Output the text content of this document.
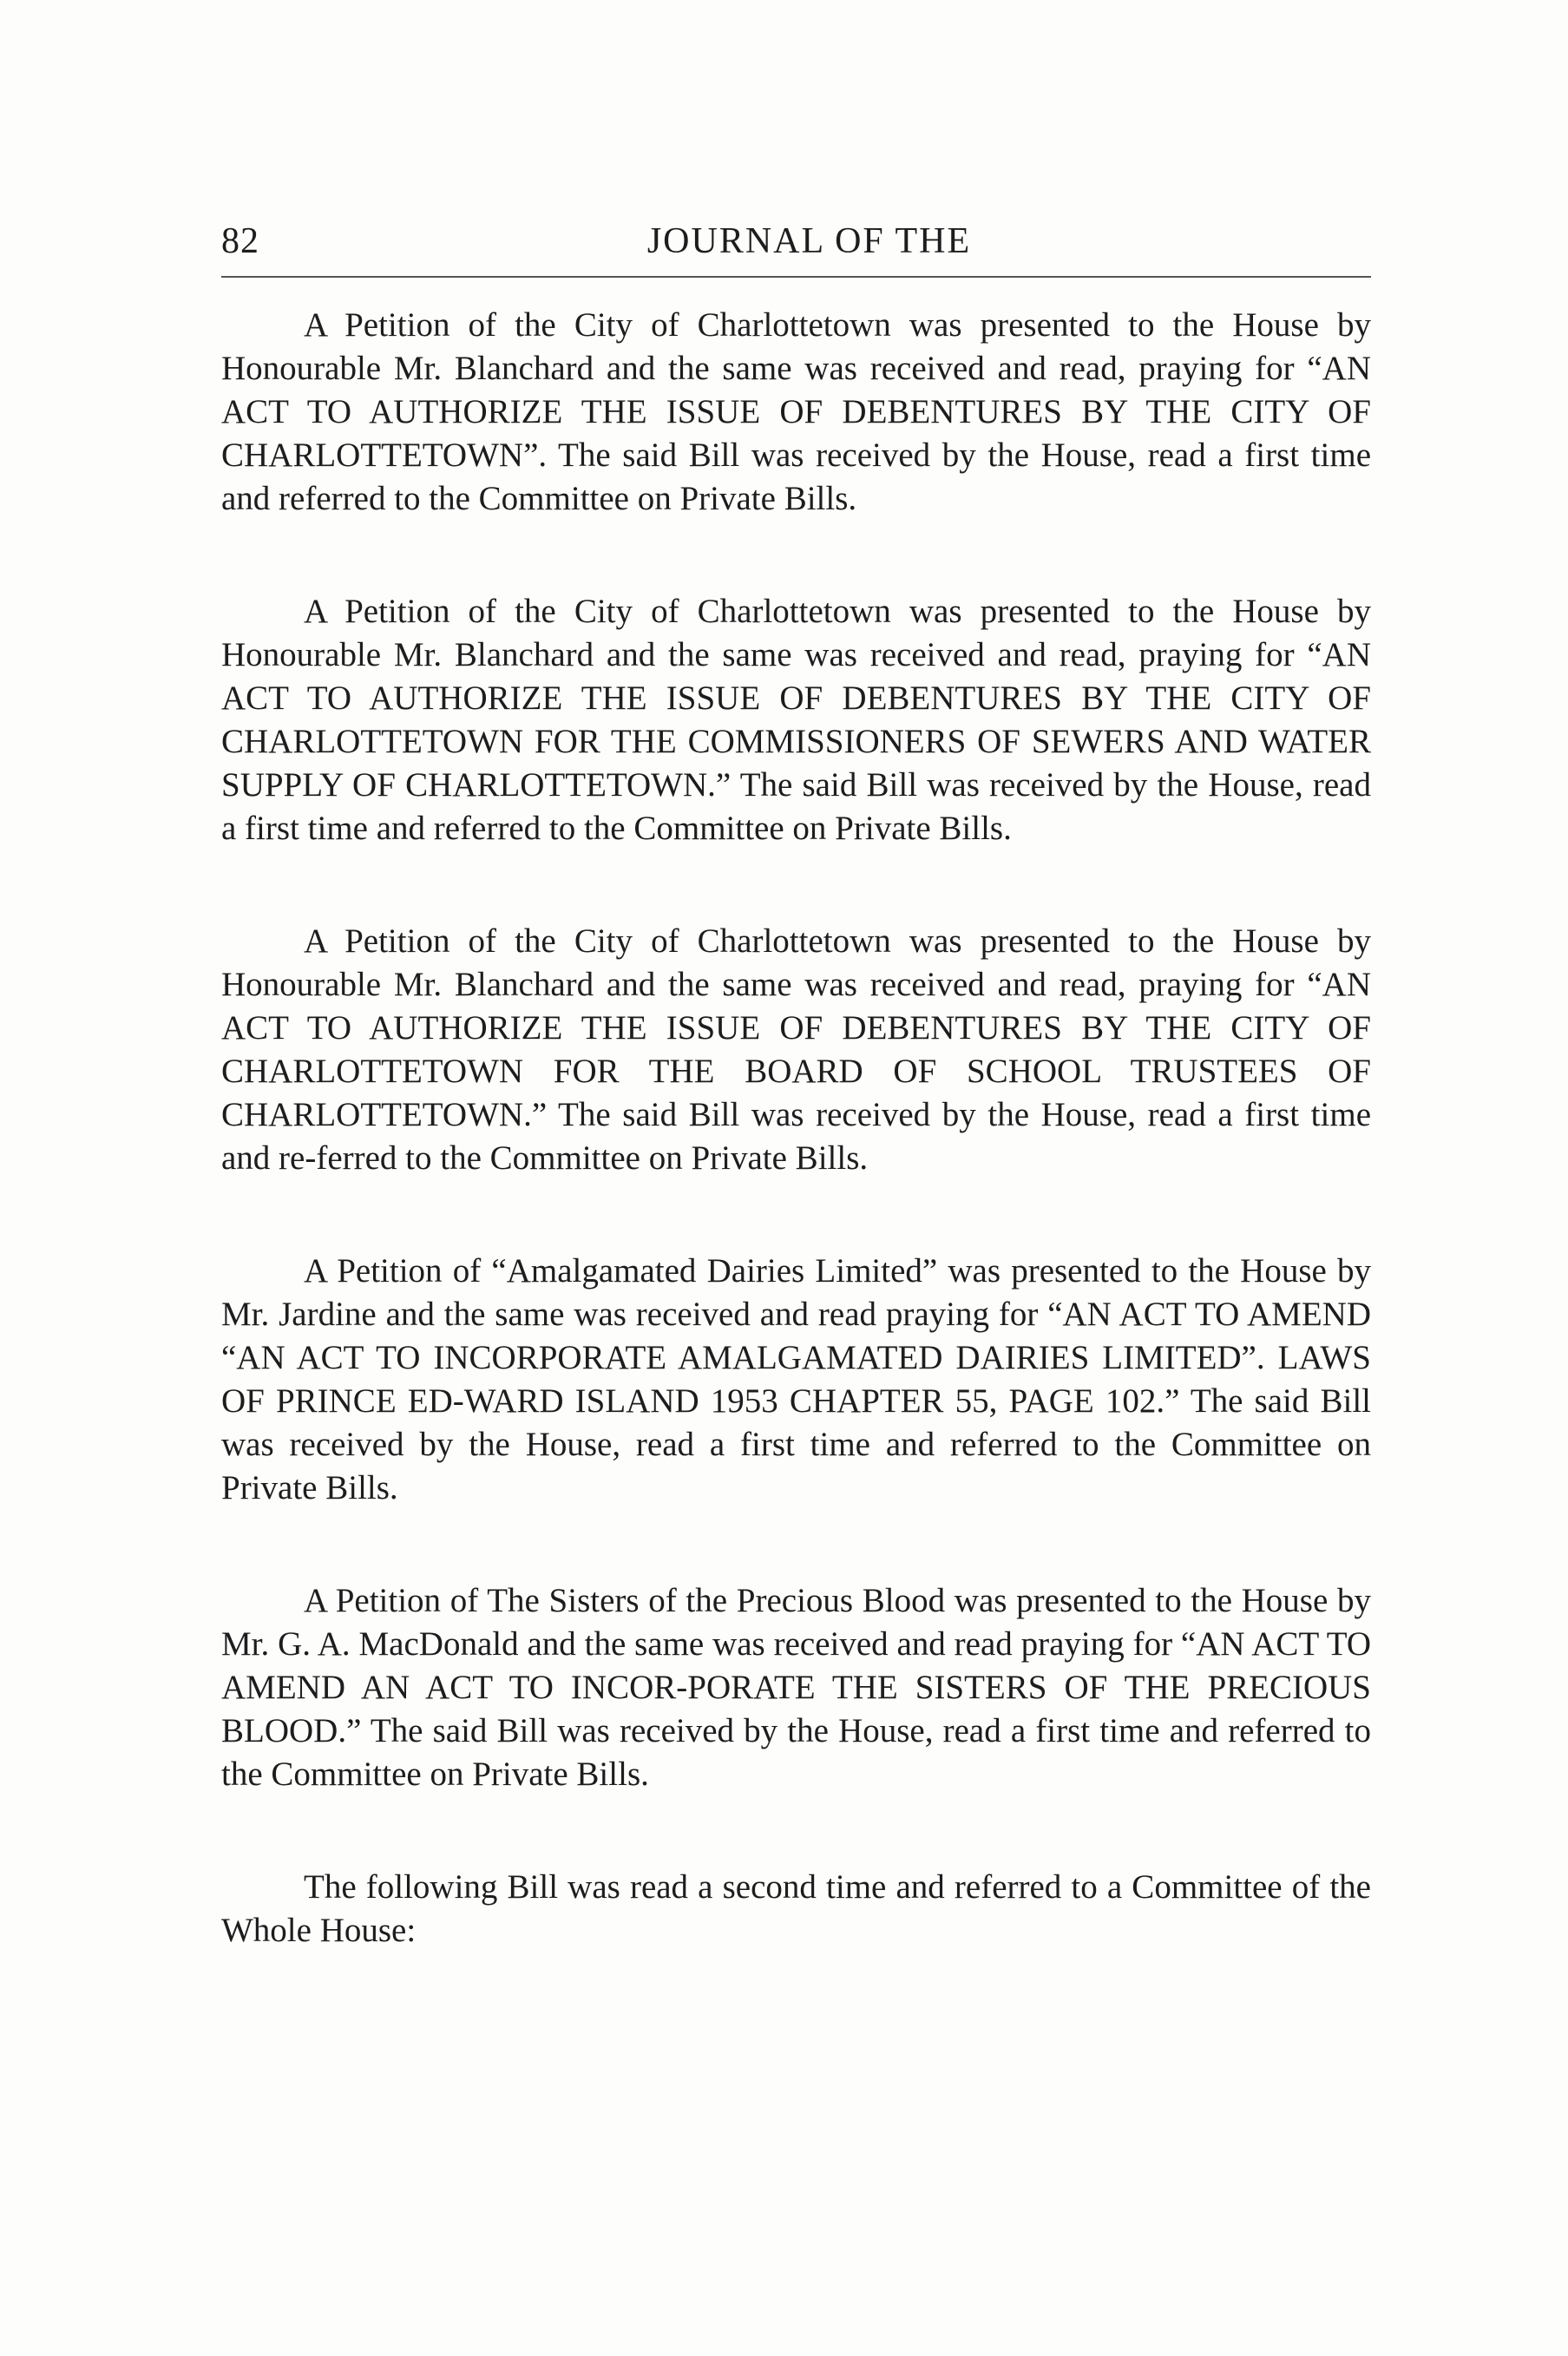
82	JOURNAL OF THE

A Petition of the City of Charlottetown was presented to the House by Honourable Mr. Blanchard and the same was received and read, praying for “AN ACT TO AUTHORIZE THE ISSUE OF DEBENTURES BY THE CITY OF CHARLOTTETOWN”. The said Bill was received by the House, read a first time and referred to the Committee on Private Bills.

A Petition of the City of Charlottetown was presented to the House by Honourable Mr. Blanchard and the same was received and read, praying for “AN ACT TO AUTHORIZE THE ISSUE OF DEBENTURES BY THE CITY OF CHARLOTTETOWN FOR THE COMMISSIONERS OF SEWERS AND WATER SUPPLY OF CHARLOTTETOWN.” The said Bill was received by the House, read a first time and referred to the Committee on Private Bills.

A Petition of the City of Charlottetown was presented to the House by Honourable Mr. Blanchard and the same was received and read, praying for “AN ACT TO AUTHORIZE THE ISSUE OF DEBENTURES BY THE CITY OF CHARLOTTETOWN FOR THE BOARD OF SCHOOL TRUSTEES OF CHARLOTTETOWN.” The said Bill was received by the House, read a first time and re-ferred to the Committee on Private Bills.

A Petition of “Amalgamated Dairies Limited” was presented to the House by Mr. Jardine and the same was received and read praying for “AN ACT TO AMEND “AN ACT TO INCORPORATE AMALGAMATED DAIRIES LIMITED”. LAWS OF PRINCE ED-WARD ISLAND 1953 CHAPTER 55, PAGE 102.” The said Bill was received by the House, read a first time and referred to the Committee on Private Bills.

A Petition of The Sisters of the Precious Blood was presented to the House by Mr. G. A. MacDonald and the same was received and read praying for “AN ACT TO AMEND AN ACT TO INCOR-PORATE THE SISTERS OF THE PRECIOUS BLOOD.” The said Bill was received by the House, read a first time and referred to the Committee on Private Bills.

The following Bill was read a second time and referred to a Committee of the Whole House:
